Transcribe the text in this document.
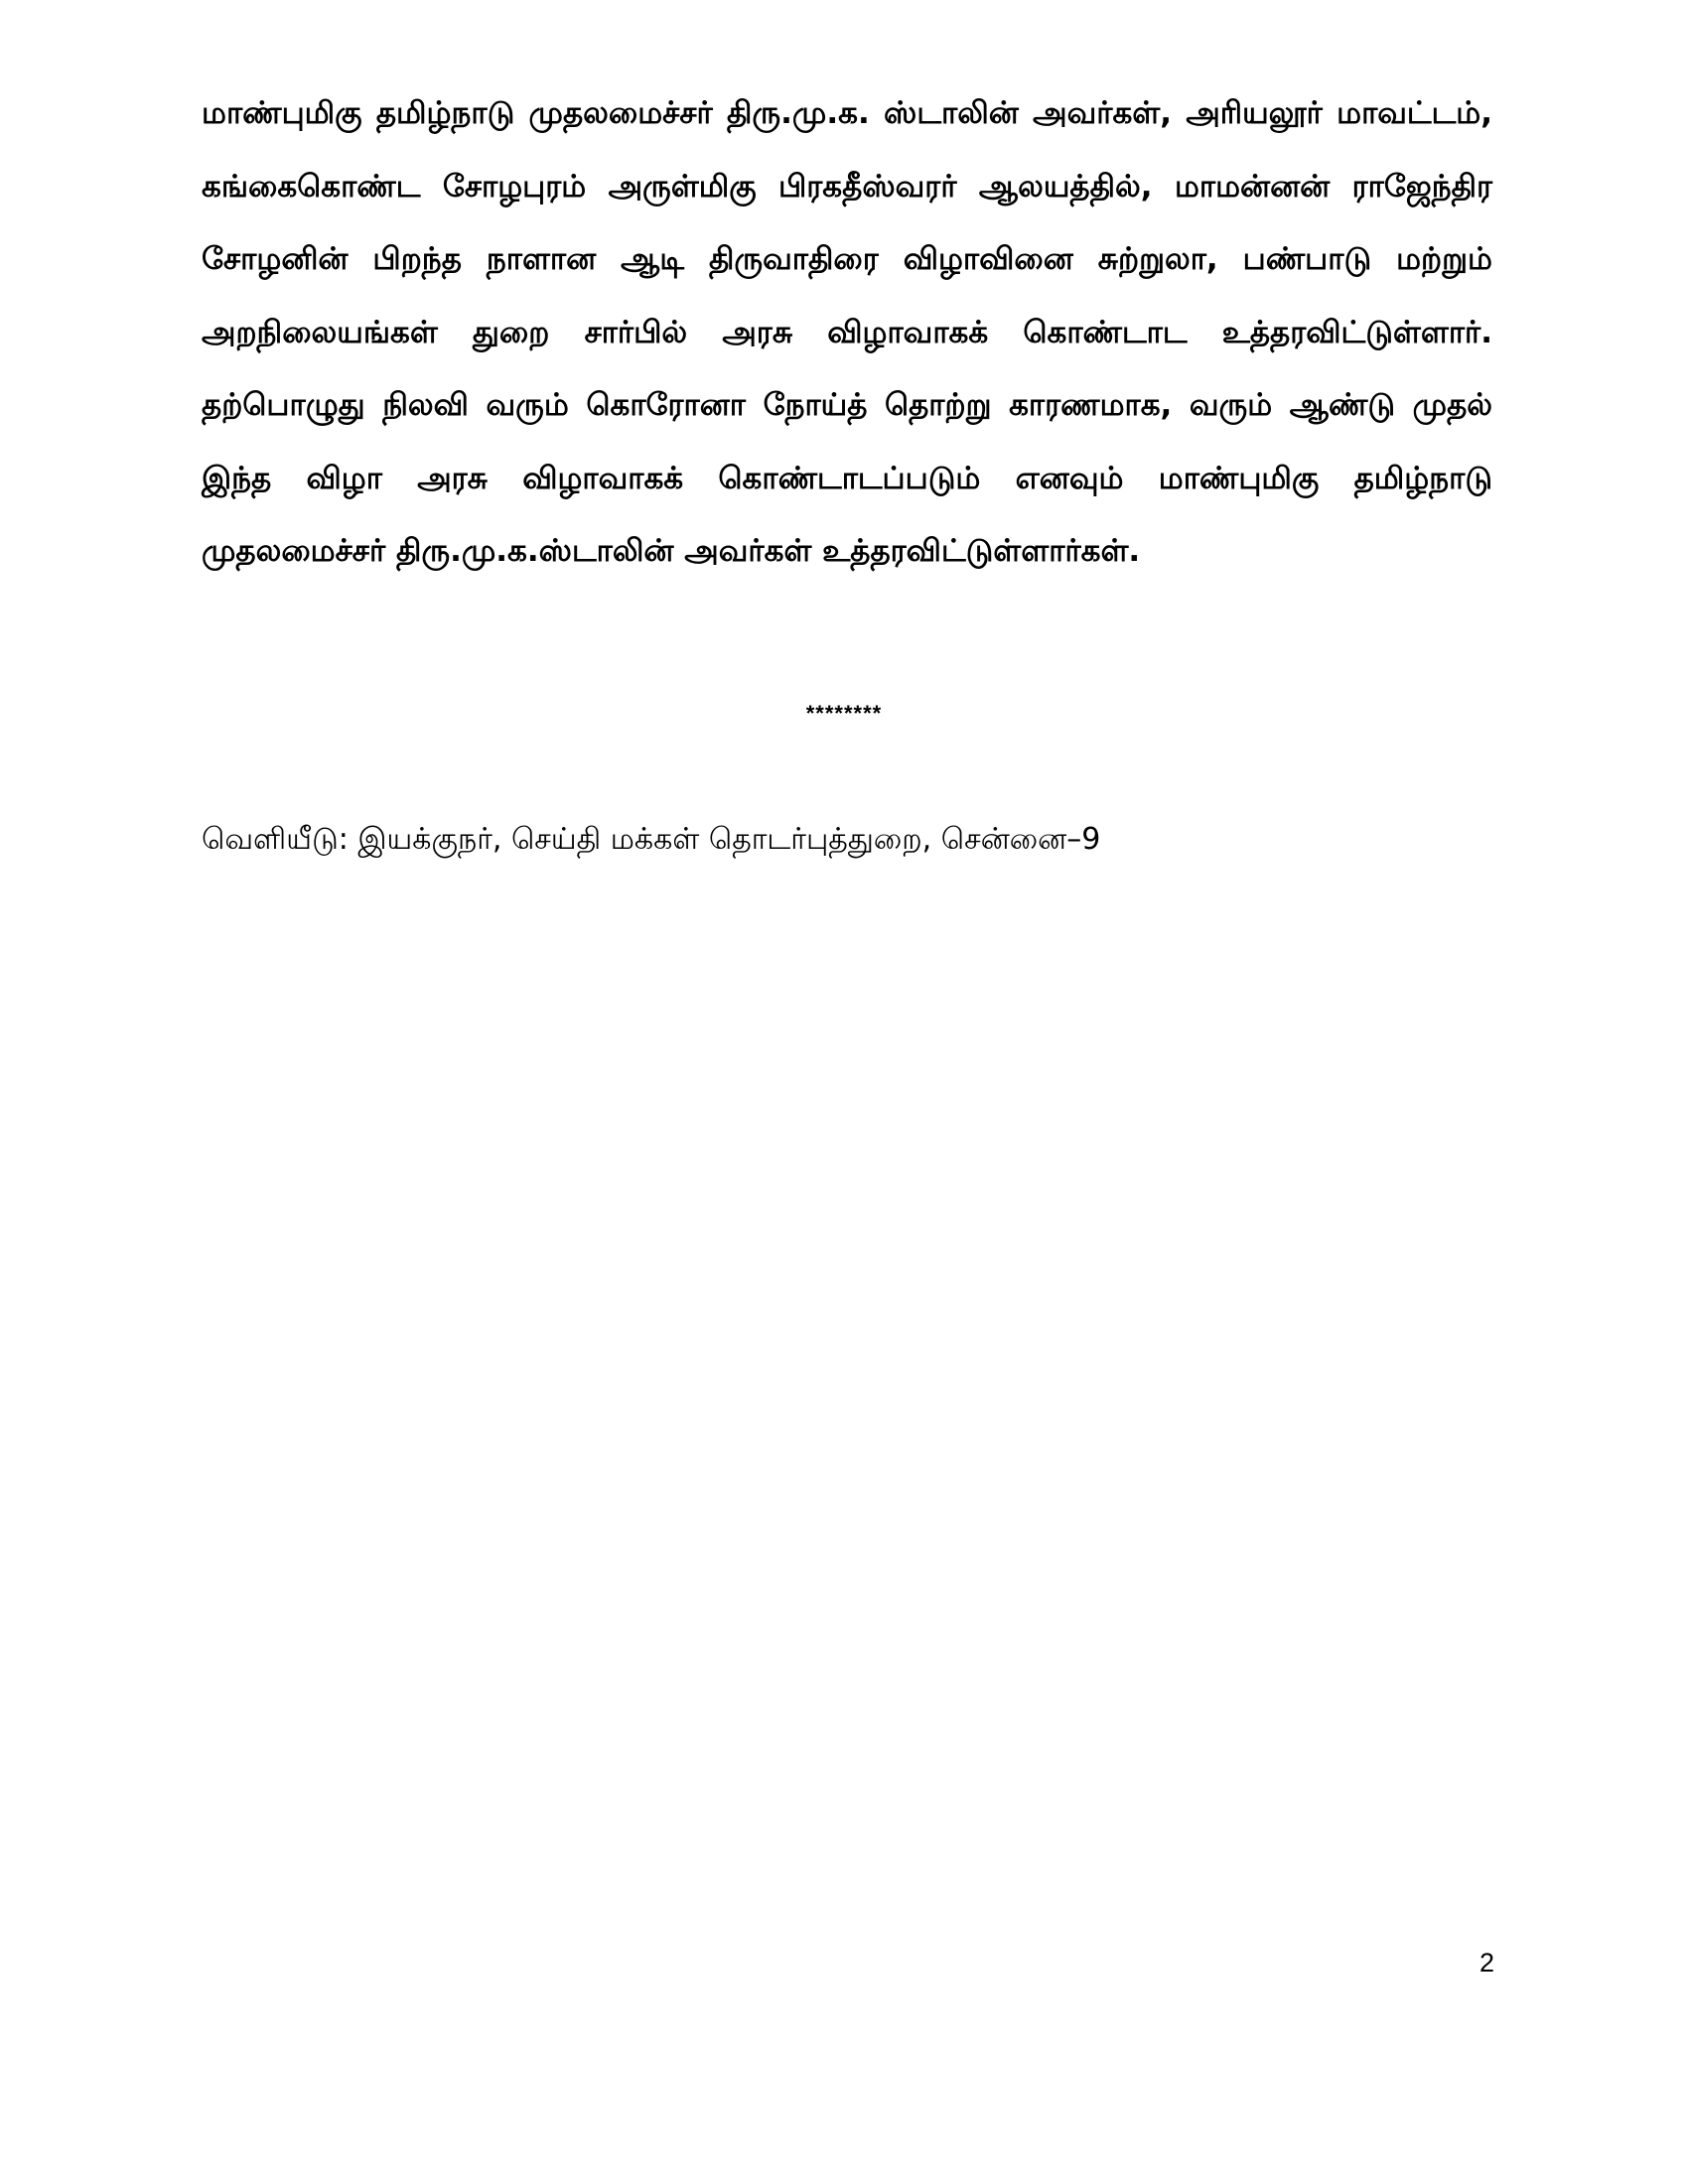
மாண்புமிகு தமிழ்நாடு முதலமைச்சர் திரு.மு.க. ஸ்டாலின் அவர்கள், அரியலூர் மாவட்டம், கங்கைகொண்ட சோழபுரம் அருள்மிகு பிரகதீஸ்வரர் ஆலயத்தில், மாமன்னன் ராஜேந்திர சோழனின் பிறந்த நாளான ஆடி திருவாதிரை விழாவினை சுற்றுலா, பண்பாடு மற்றும் அறநிலையங்கள் துறை சார்பில் அரசு விழாவாகக் கொண்டாட உத்தரவிட்டுள்ளார். தற்பொழுது நிலவி வரும் கொரோனா நோய்த் தொற்று காரணமாக, வரும் ஆண்டு முதல் இந்த விழா அரசு விழாவாகக் கொண்டாடப்படும் எனவும் மாண்புமிகு தமிழ்நாடு முதலமைச்சர் திரு.மு.க.ஸ்டாலின் அவர்கள் உத்தரவிட்டுள்ளார்கள்.

********
வெளியீடு: இயக்குநர், செய்தி மக்கள் தொடர்புத்துறை, சென்னை–9
2
